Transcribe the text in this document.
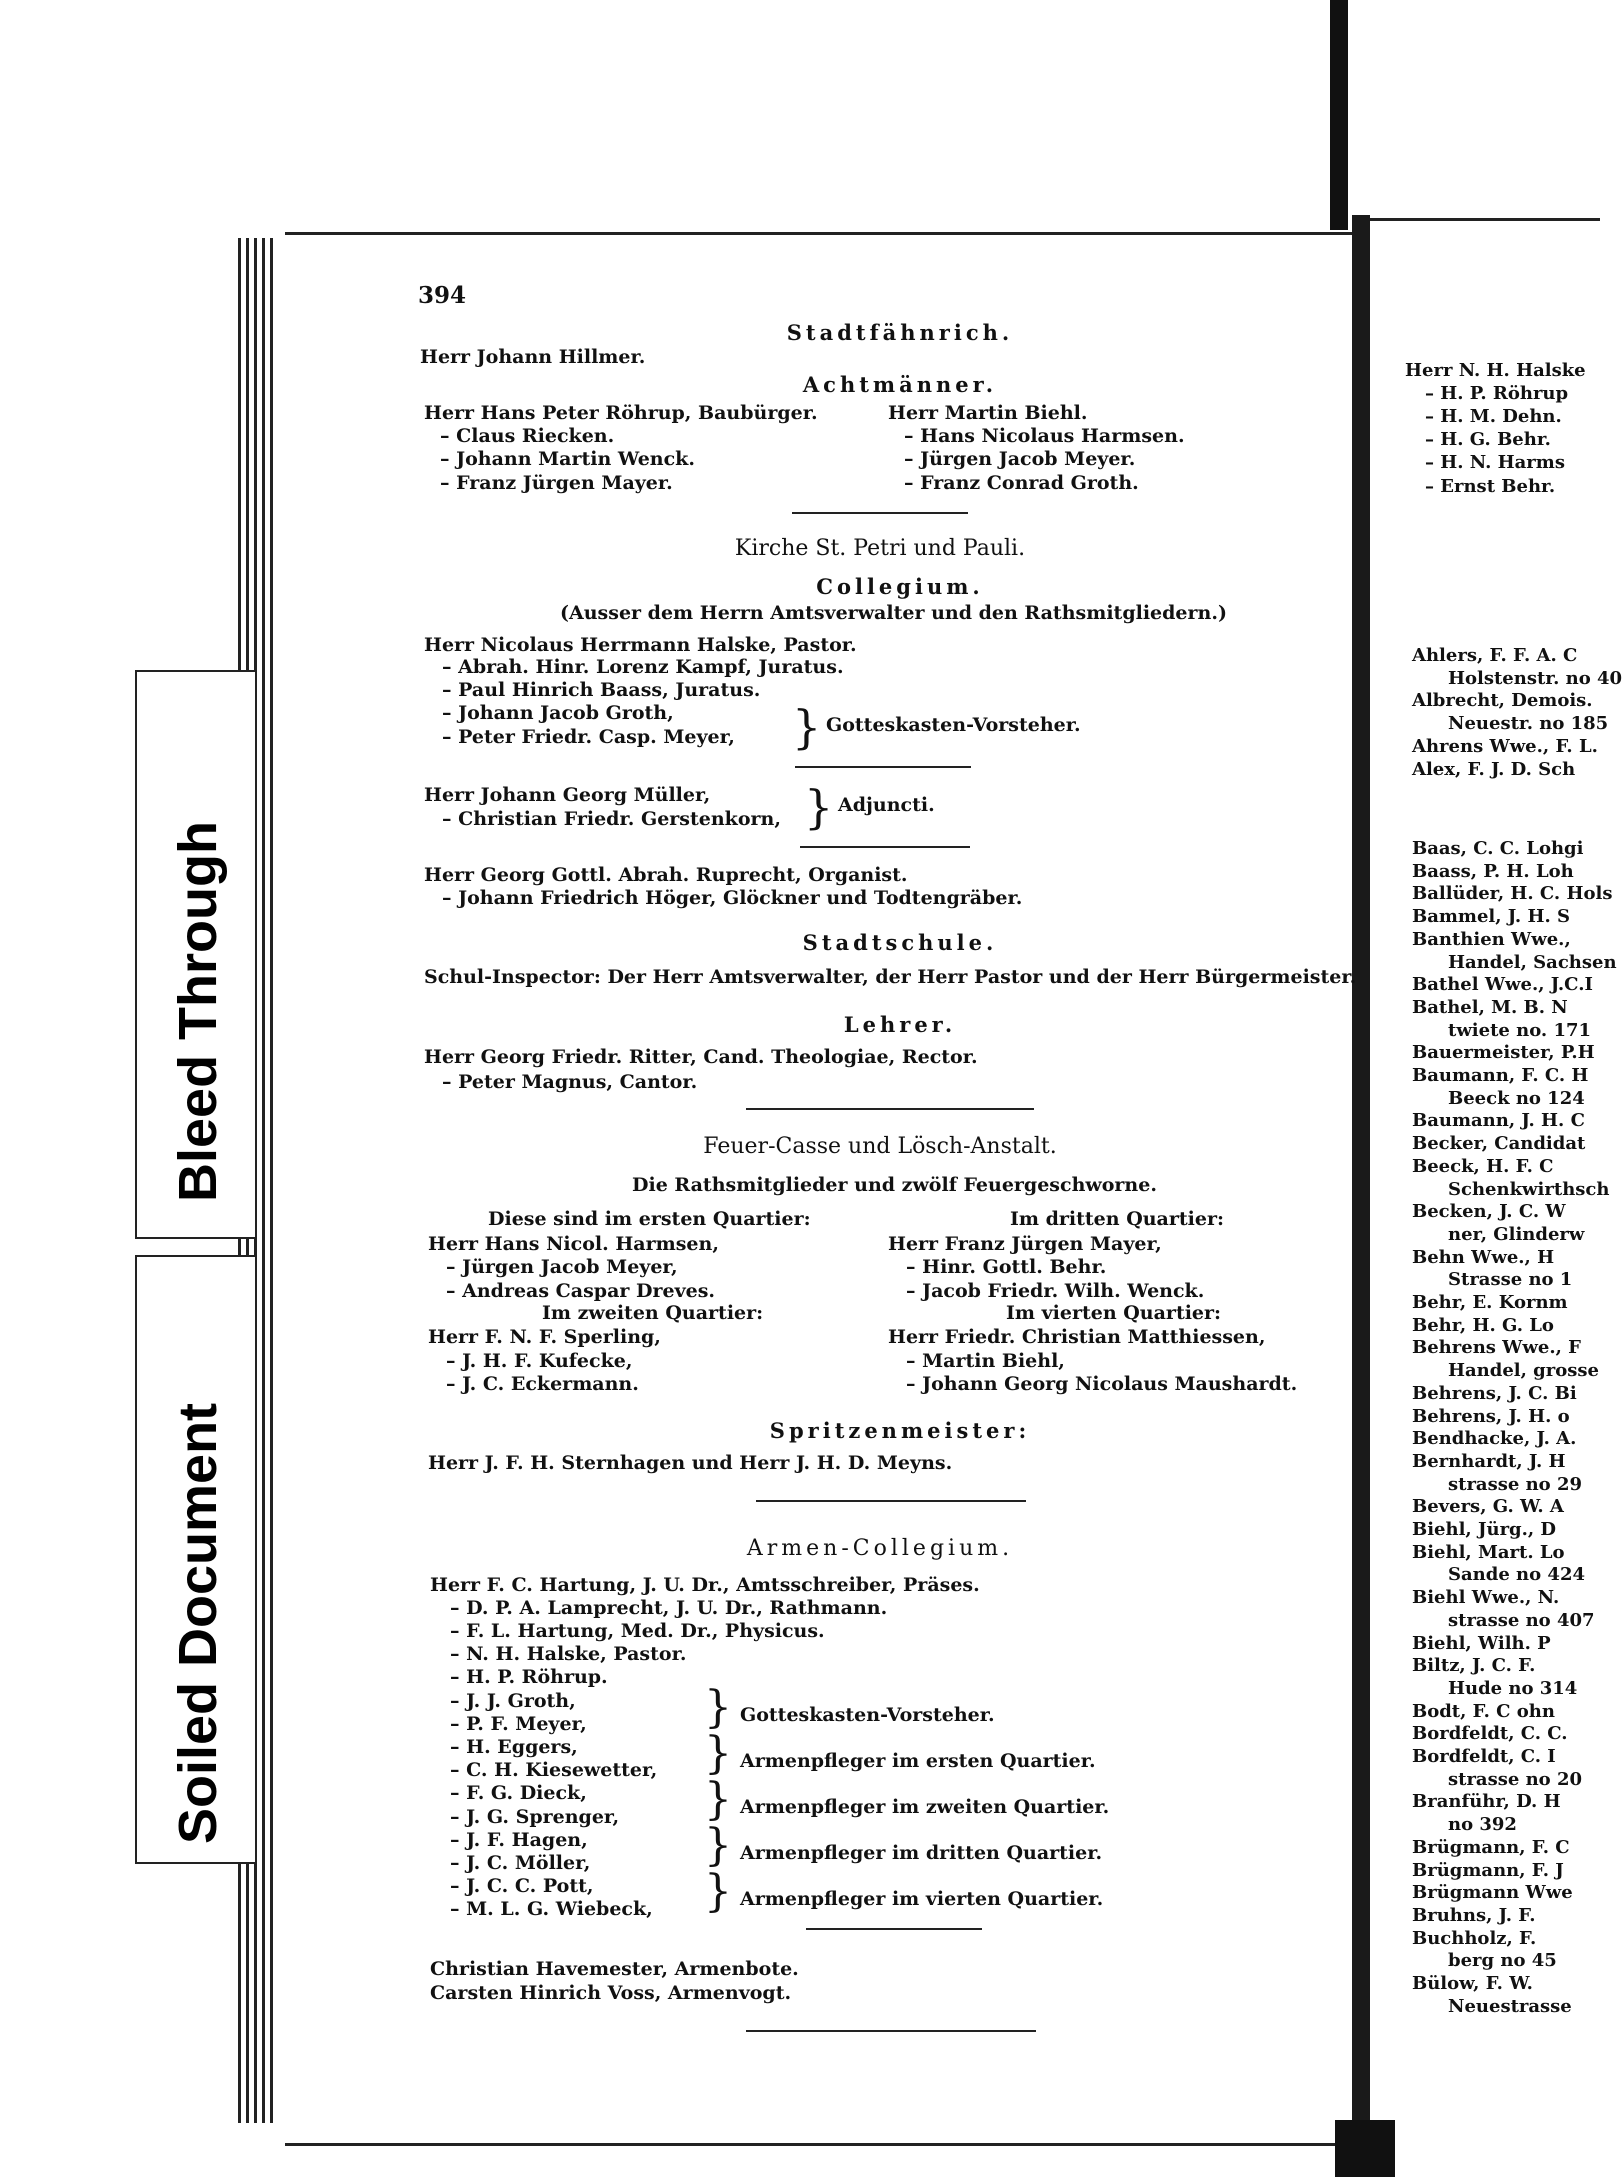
Soiled Document
Bleed Through
394
Stadtfähnrich.
Herr Johann Hillmer.
Achtmänner.
Herr Hans Peter Röhrup, Baubürger.
– Claus Riecken.
– Johann Martin Wenck.
– Franz Jürgen Mayer.
Herr Martin Biehl.
– Hans Nicolaus Harmsen.
– Jürgen Jacob Meyer.
– Franz Conrad Groth.
Kirche St. Petri und Pauli.
Collegium.
(Ausser dem Herrn Amtsverwalter und den Rathsmitgliedern.)
Herr Nicolaus Herrmann Halske, Pastor.
– Abrah. Hinr. Lorenz Kampf, Juratus.
– Paul Hinrich Baass, Juratus.
– Johann Jacob Groth,
– Peter Friedr. Casp. Meyer, } Gotteskasten-Vorsteher.
Herr Johann Georg Müller,
– Christian Friedr. Gerstenkorn, } Adjuncti.
Herr Georg Gottl. Abrah. Ruprecht, Organist.
– Johann Friedrich Höger, Glöckner und Todtengräber.
Stadtschule.
Schul-Inspector: Der Herr Amtsverwalter, der Herr Pastor und der Herr Bürgermeister.
Lehrer.
Herr Georg Friedr. Ritter, Cand. Theologiae, Rector.
– Peter Magnus, Cantor.
Feuer-Casse und Lösch-Anstalt.
Die Rathsmitglieder und zwölf Feuergeschworne.
Diese sind im ersten Quartier:
Herr Hans Nicol. Harmsen,
– Jürgen Jacob Meyer,
– Andreas Caspar Dreves.
Im zweiten Quartier:
Herr F. N. F. Sperling,
– J. H. F. Kufecke,
– J. C. Eckermann.
Im dritten Quartier:
Herr Franz Jürgen Mayer,
– Hinr. Gottl. Behr.
– Jacob Friedr. Wilh. Wenck.
Im vierten Quartier:
Herr Friedr. Christian Matthiessen,
– Martin Biehl,
– Johann Georg Nicolaus Maushardt.
Spritzenmeister:
Herr J. F. H. Sternhagen und Herr J. H. D. Meyns.
Armen-Collegium.
Herr F. C. Hartung, J. U. Dr., Amtsschreiber, Präses.
– D. P. A. Lamprecht, J. U. Dr., Rathmann.
– F. L. Hartung, Med. Dr., Physicus.
– N. H. Halske, Pastor.
– H. P. Röhrup.
– J. J. Groth,
– P. F. Meyer,
– H. Eggers,
– C. H. Kiesewetter,
– F. G. Dieck,
– J. G. Sprenger,
– J. F. Hagen,
– J. C. Möller,
– J. C. C. Pott,
– M. L. G. Wiebeck,
}
}
}
}
}
Gotteskasten-Vorsteher.
Armenpfleger im ersten Quartier.
Armenpfleger im zweiten Quartier.
Armenpfleger im dritten Quartier.
Armenpfleger im vierten Quartier.
Christian Havemester, Armenbote.
Carsten Hinrich Voss, Armenvogt.
Herr N. H. Halske
– H. P. Röhrup
– H. M. Dehn.
– H. G. Behr.
– H. N. Harms
– Ernst Behr.
Ahlers, F. F. A. C
Holstenstr. no 40
Albrecht, Demois.
Neuestr. no 185
Ahrens Wwe., F. L.
Alex, F. J. D. Sch
Baas, C. C. Lohgi
Baass, P. H. Loh
Ballüder, H. C. Hols
Bammel, J. H. S
Banthien Wwe.,
Handel, Sachsen
Bathel Wwe., J.C.I
Bathel, M. B. N
twiete no. 171
Bauermeister, P.H
Baumann, F. C. H
Beeck no 124
Baumann, J. H. C
Becker, Candidat
Beeck, H. F. C
Schenkwirthsch
Becken, J. C. W
ner, Glinderw
Behn Wwe., H
Strasse no 1
Behr, E. Kornm
Behr, H. G. Lo
Behrens Wwe., F
Handel, grosse
Behrens, J. C. Bi
Behrens, J. H. o
Bendhacke, J. A.
Bernhardt, J. H
strasse no 29
Bevers, G. W. A
Biehl, Jürg., D
Biehl, Mart. Lo
Sande no 424
Biehl Wwe., N.
strasse no 407
Biehl, Wilh. P
Biltz, J. C. F.
Hude no 314
Bodt, F. C ohn
Bordfeldt, C. C.
Bordfeldt, C. I
strasse no 20
Branführ, D. H
no 392
Brügmann, F. C
Brügmann, F. J
Brügmann Wwe
Bruhns, J. F.
Buchholz, F.
berg no 45
Bülow, F. W.
Neuestrasse
